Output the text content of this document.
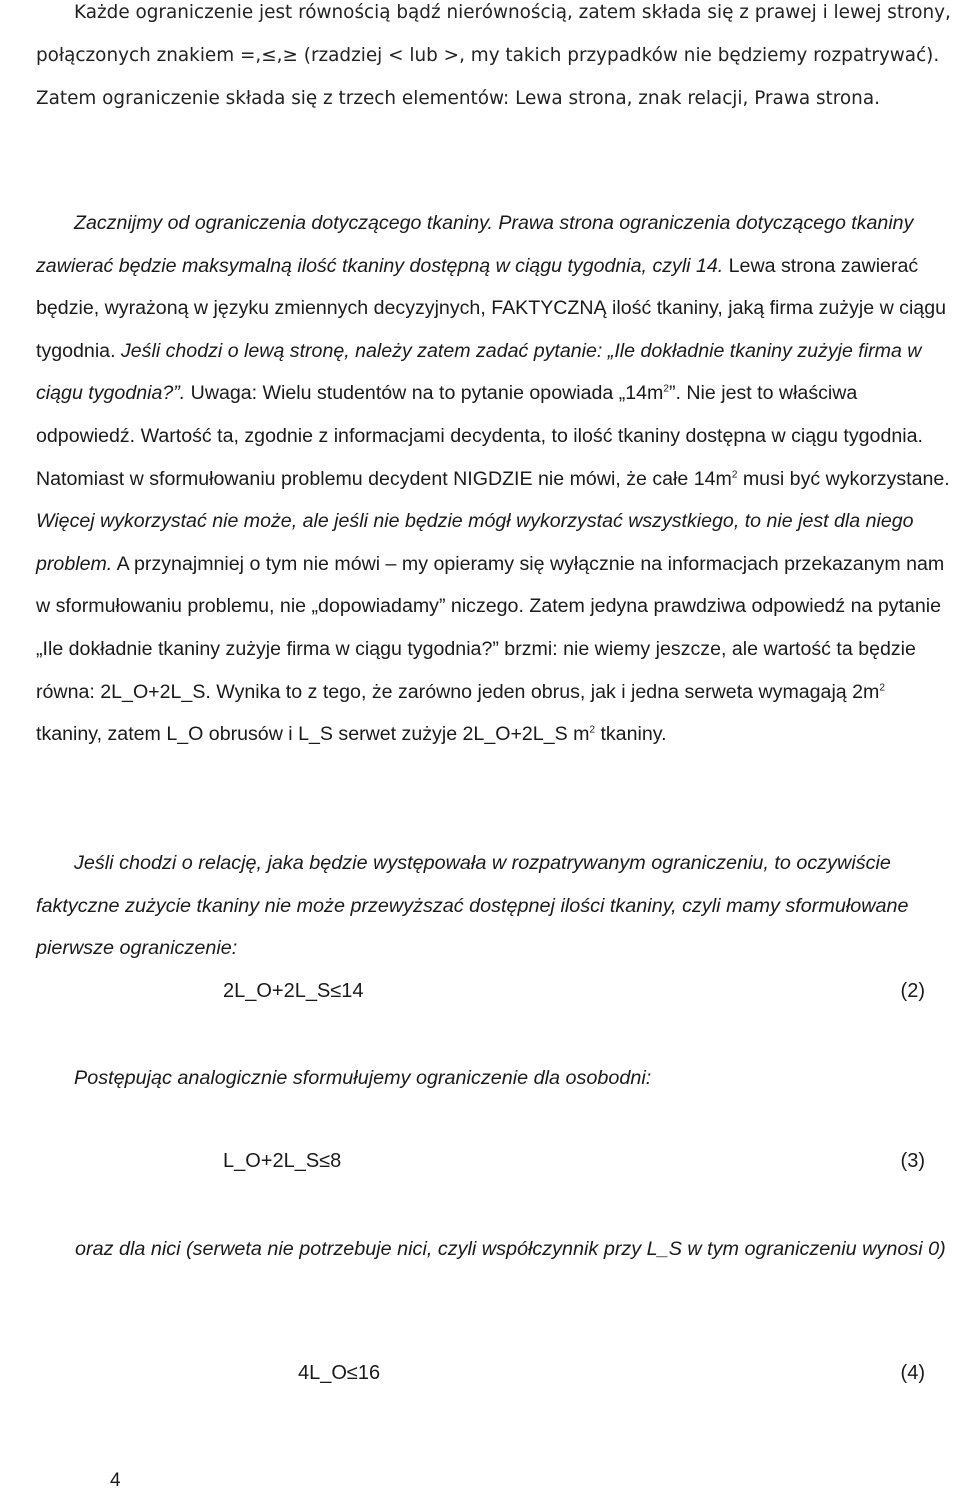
Każde ograniczenie jest równością bądź nierównością, zatem składa się z prawej i lewej strony, połączonych znakiem =,≤,≥ (rzadziej < lub >, my takich przypadków nie będziemy rozpatrywać). Zatem ograniczenie składa się z trzech elementów: Lewa strona, znak relacji, Prawa strona.

Zacznijmy od ograniczenia dotyczącego tkaniny. Prawa strona ograniczenia dotyczącego tkaniny zawierać będzie maksymalną ilość tkaniny dostępną w ciągu tygodnia, czyli 14. Lewa strona zawierać będzie, wyrażoną w języku zmiennych decyzyjnych, FAKTYCZNĄ ilość tkaniny, jaką firma zużyje w ciągu tygodnia. Jeśli chodzi o lewą stronę, należy zatem zadać pytanie: „Ile dokładnie tkaniny zużyje firma w ciągu tygodnia?”. Uwaga: Wielu studentów na to pytanie opowiada $„14m^2$”. Nie jest to właściwa odpowiedź. Wartość ta, zgodnie z informacjami decydenta, to ilość tkaniny dostępna w ciągu tygodnia. Natomiast w sformułowaniu problemu decydent NIGDZIE nie mówi, że całe $14m^2$ musi być wykorzystane. Więcej wykorzystać nie może, ale jeśli nie będzie mógł wykorzystać wszystkiego, to nie jest dla niego problem. A przynajmniej o tym nie mówi – my opieramy się wyłącznie na informacjach przekazanym nam w sformułowaniu problemu, nie „dopowiadamy” niczego. Zatem jedyna prawdziwa odpowiedź na pytanie „Ile dokładnie tkaniny zużyje firma w ciągu tygodnia?” brzmi: nie wiemy jeszcze, ale wartość ta będzie równa: 2L_O+2L_S. Wynika to z tego, że zarówno jeden obrus, jak i jedna serweta wymagają $2m^2$ tkaniny, zatem L_O obrusów i L_S serwet zużyje 2L_O+2L_S $m^2$ tkaniny.

Jeśli chodzi o relację, jaka będzie występowała w rozpatrywanym ograniczeniu, to oczywiście faktyczne zużycie tkaniny nie może przewyższać dostępnej ilości tkaniny, czyli mamy sformułowane pierwsze ograniczenie:

2L_O+2L_S≤14	(2)

Postępując analogicznie sformułujemy ograniczenie dla osobodni:

L_O+2L_S≤8	(3)

oraz dla nici (serweta nie potrzebuje nici, czyli współczynnik przy L_S w tym ograniczeniu wynosi 0)

4L_O≤16	(4)
4
